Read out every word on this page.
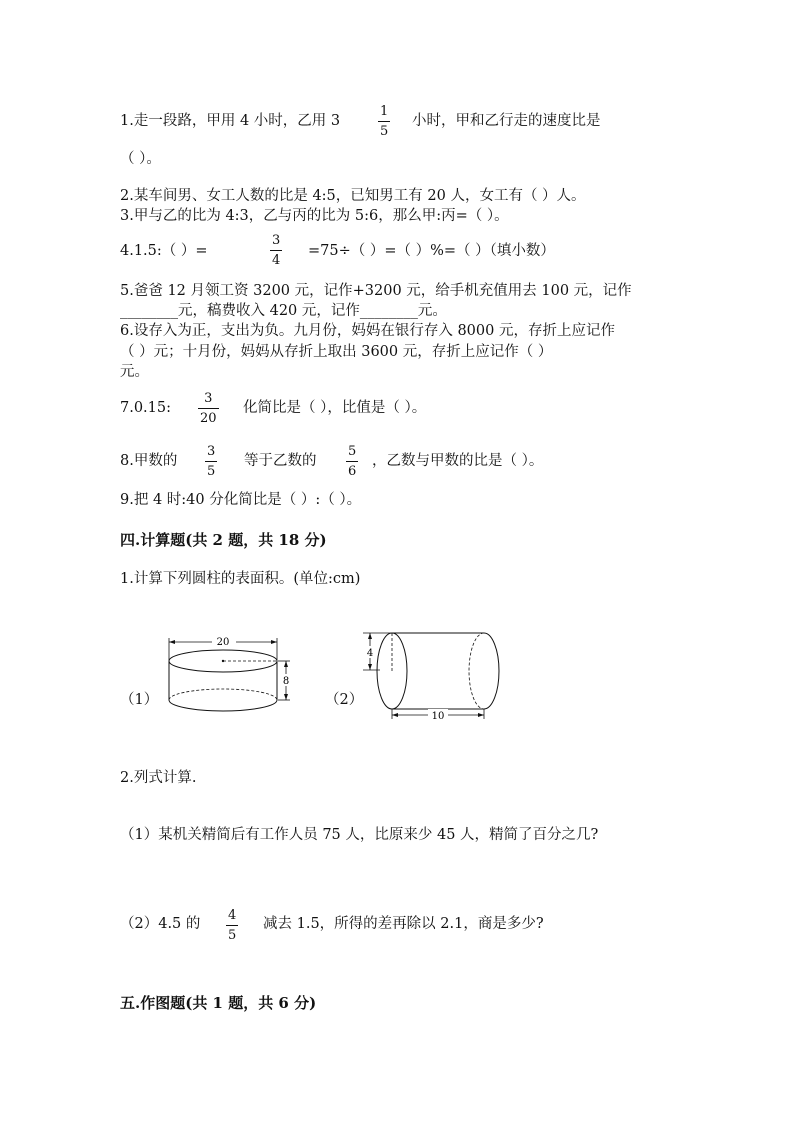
1.走一段路，甲用 4 小时，乙用 3
1
5
小时，甲和乙行走的速度比是
（ ）。
2.某车间男、女工人数的比是 4:5，已知男工有 20 人，女工有（ ）人。
3.甲与乙的比为 4:3，乙与丙的比为 5:6，那么甲:丙=（ ）。
4.1.5:（ ）=
3
4
=75÷（ ）=（ ）%=（ ）（填小数）
5.爸爸 12 月领工资 3200 元，记作+3200 元，给手机充值用去 100 元，记作
________元，稿费收入 420 元，记作________元。
6.设存入为正，支出为负。九月份，妈妈在银行存入 8000 元，存折上应记作
（ ）元；十月份，妈妈从存折上取出 3600 元，存折上应记作（ ）
元。
7.0.15:
3
20
化简比是（ ），比值是（ ）。
8.甲数的
3
5
等于乙数的
5
6
，乙数与甲数的比是（ ）。
9.把 4 时:40 分化简比是（ ）:（ ）。
四.计算题(共 2 题，共 18 分)
1.计算下列圆柱的表面积。(单位:cm)
（1）
20
8
（2）
4
10
2.列式计算.
（1）某机关精简后有工作人员 75 人，比原来少 45 人，精简了百分之几?
（2）4.5 的
4
5
减去 1.5，所得的差再除以 2.1，商是多少?
五.作图题(共 1 题，共 6 分)
